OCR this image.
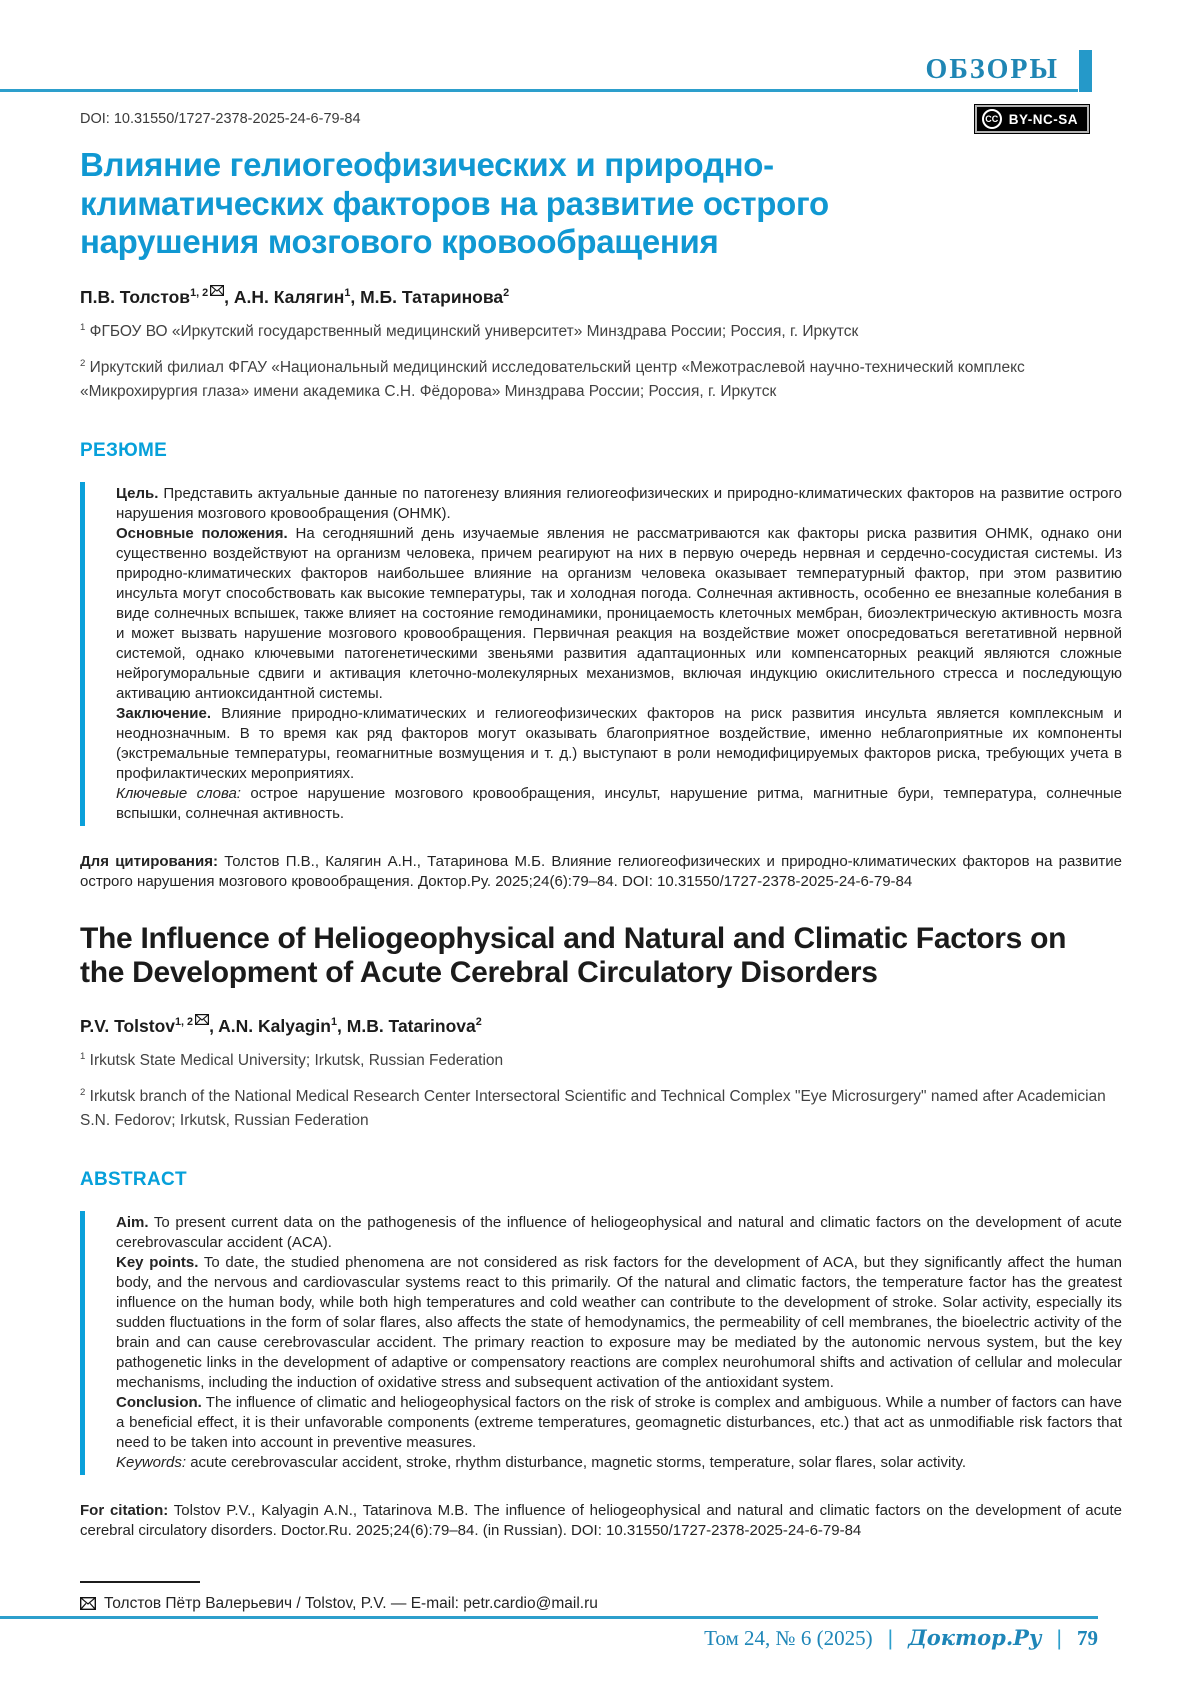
ОБЗОРЫ
DOI: 10.31550/1727-2378-2025-24-6-79-84	CC BY-NC-SA
Влияние гелиогеофизических и природно-климатических факторов на развитие острого нарушения мозгового кровообращения
П.В. Толстов$^{1, 2}$ , А.Н. Калягин$^1$ , М.Б. Татаринова$^2$

$^1$ ФГБОУ ВО «Иркутский государственный медицинский университет» Минздрава России; Россия, г. Иркутск

$^2$ Иркутский филиал ФГАУ «Национальный медицинский исследовательский центр «Межотраслевой научно-технический комплекс «Микрохирургия глаза» имени академика С.Н. Фёдорова» Минздрава России; Россия, г. Иркутск

РЕЗЮМЕ

Цель. Представить актуальные данные по патогенезу влияния гелиогеофизических и природно-климатических факторов на развитие острого нарушения мозгового кровообращения (ОНМК).

Основные положения. На сегодняшний день изучаемые явления не рассматриваются как факторы риска развития ОНМК, однако они существенно воздействуют на организм человека, причем реагируют на них в первую очередь нервная и сердечно-сосудистая системы. Из природно-климатических факторов наибольшее влияние на организм человека оказывает температурный фактор, при этом развитию инсульта могут способствовать как высокие температуры, так и холодная погода. Солнечная активность, особенно ее внезапные колебания в виде солнечных вспышек, также влияет на состояние гемодинамики, проницаемость клеточных мембран, биоэлектрическую активность мозга и может вызвать нарушение мозгового кровообращения. Первичная реакция на воздействие может опосредоваться вегетативной нервной системой, однако ключевыми патогенетическими звеньями развития адаптационных или компенсаторных реакций являются сложные нейрогуморальные сдвиги и активация клеточно-молекулярных механизмов, включая индукцию окислительного стресса и последующую активацию антиоксидантной системы.

Заключение. Влияние природно-климатических и гелиогеофизических факторов на риск развития инсульта является комплексным и неоднозначным. В то время как ряд факторов могут оказывать благоприятное воздействие, именно неблагоприятные их компоненты (экстремальные температуры, геомагнитные возмущения и т. д.) выступают в роли немодифицируемых факторов риска, требующих учета в профилактических мероприятиях.

Ключевые слова: острое нарушение мозгового кровообращения, инсульт, нарушение ритма, магнитные бури, температура, солнечные вспышки, солнечная активность.

Для цитирования: Толстов П.В., Калягин А.Н., Татаринова М.Б. Влияние гелиогеофизических и природно-климатических факторов на развитие острого нарушения мозгового кровообращения. Доктор.Ру. 2025;24(6):79–84. DOI: 10.31550/1727-2378-2025-24-6-79-84

The Influence of Heliogeophysical and Natural and Climatic Factors on the Development of Acute Cerebral Circulatory Disorders
P.V. Tolstov$^{1, 2}$ , A.N. Kalyagin$^1$ , M.B. Tatarinova$^2$

$^1$ Irkutsk State Medical University; Irkutsk, Russian Federation

$^2$ Irkutsk branch of the National Medical Research Center Intersectoral Scientific and Technical Complex "Eye Microsurgery" named after Academician S.N. Fedorov; Irkutsk, Russian Federation

ABSTRACT

Aim. To present current data on the pathogenesis of the influence of heliogeophysical and natural and climatic factors on the development of acute cerebrovascular accident (ACA).

Key points. To date, the studied phenomena are not considered as risk factors for the development of ACA, but they significantly affect the human body, and the nervous and cardiovascular systems react to this primarily. Of the natural and climatic factors, the temperature factor has the greatest influence on the human body, while both high temperatures and cold weather can contribute to the development of stroke. Solar activity, especially its sudden fluctuations in the form of solar flares, also affects the state of hemodynamics, the permeability of cell membranes, the bioelectric activity of the brain and can cause cerebrovascular accident. The primary reaction to exposure may be mediated by the autonomic nervous system, but the key pathogenetic links in the development of adaptive or compensatory reactions are complex neurohumoral shifts and activation of cellular and molecular mechanisms, including the induction of oxidative stress and subsequent activation of the antioxidant system.

Conclusion. The influence of climatic and heliogeophysical factors on the risk of stroke is complex and ambiguous. While a number of factors can have a beneficial effect, it is their unfavorable components (extreme temperatures, geomagnetic disturbances, etc.) that act as unmodifiable risk factors that need to be taken into account in preventive measures.

Keywords: acute cerebrovascular accident, stroke, rhythm disturbance, magnetic storms, temperature, solar flares, solar activity.

For citation: Tolstov P.V., Kalyagin A.N., Tatarinova M.B. The influence of heliogeophysical and natural and climatic factors on the development of acute cerebral circulatory disorders. Doctor.Ru. 2025;24(6):79–84. (in Russian). DOI: 10.31550/1727-2378-2025-24-6-79-84

Толстов Пётр Валерьевич / Tolstov, P.V. — E-mail: petr.cardio@mail.ru
Том 24, № 6 (2025) | Доктор.Ру | 79
